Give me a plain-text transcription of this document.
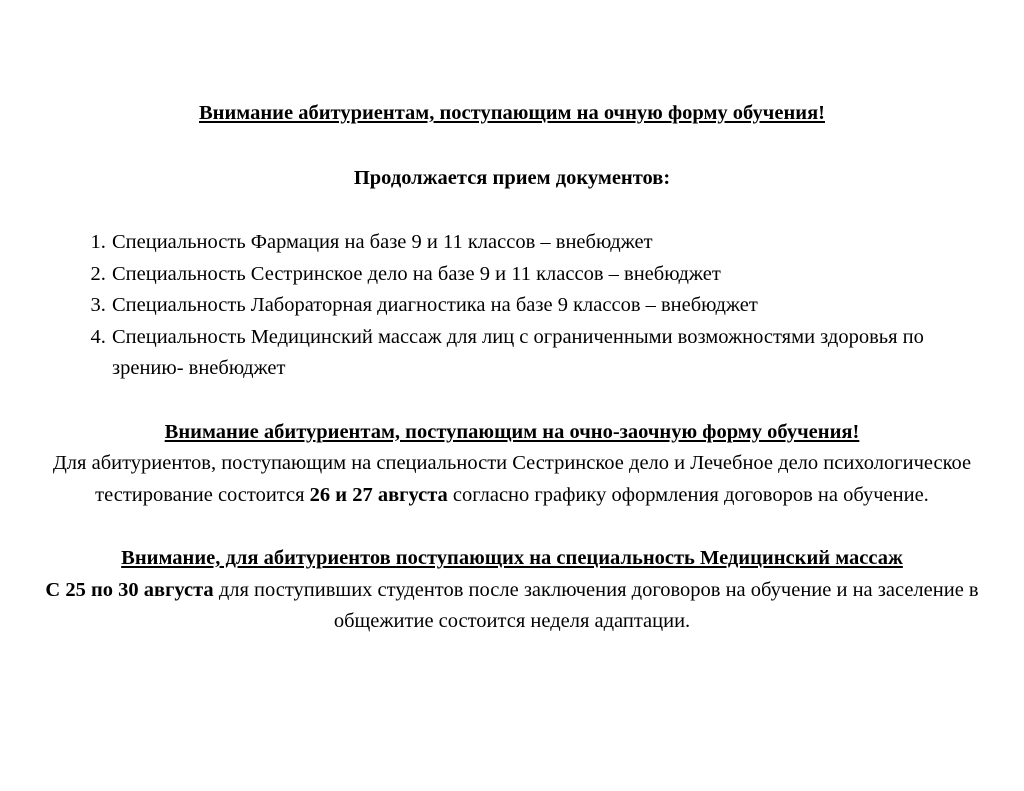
Внимание абитуриентам, поступающим на очную форму обучения!

Продолжается прием документов:

1. Специальность Фармация на базе 9 и 11 классов – внебюджет
2. Специальность Сестринское дело на базе 9 и 11 классов – внебюджет
3. Специальность Лабораторная диагностика на базе 9 классов – внебюджет
4. Специальность Медицинский массаж для лиц с ограниченными возможностями здоровья по зрению- внебюджет

Внимание абитуриентам, поступающим на очно-заочную форму обучения!

Для абитуриентов, поступающим на специальности Сестринское дело и Лечебное дело психологическое тестирование состоится 26 и 27 августа согласно графику оформления договоров на обучение.

Внимание, для абитуриентов поступающих на специальность Медицинский массаж

С 25 по 30 августа для поступивших студентов после заключения договоров на обучение и на заселение в общежитие состоится неделя адаптации.
